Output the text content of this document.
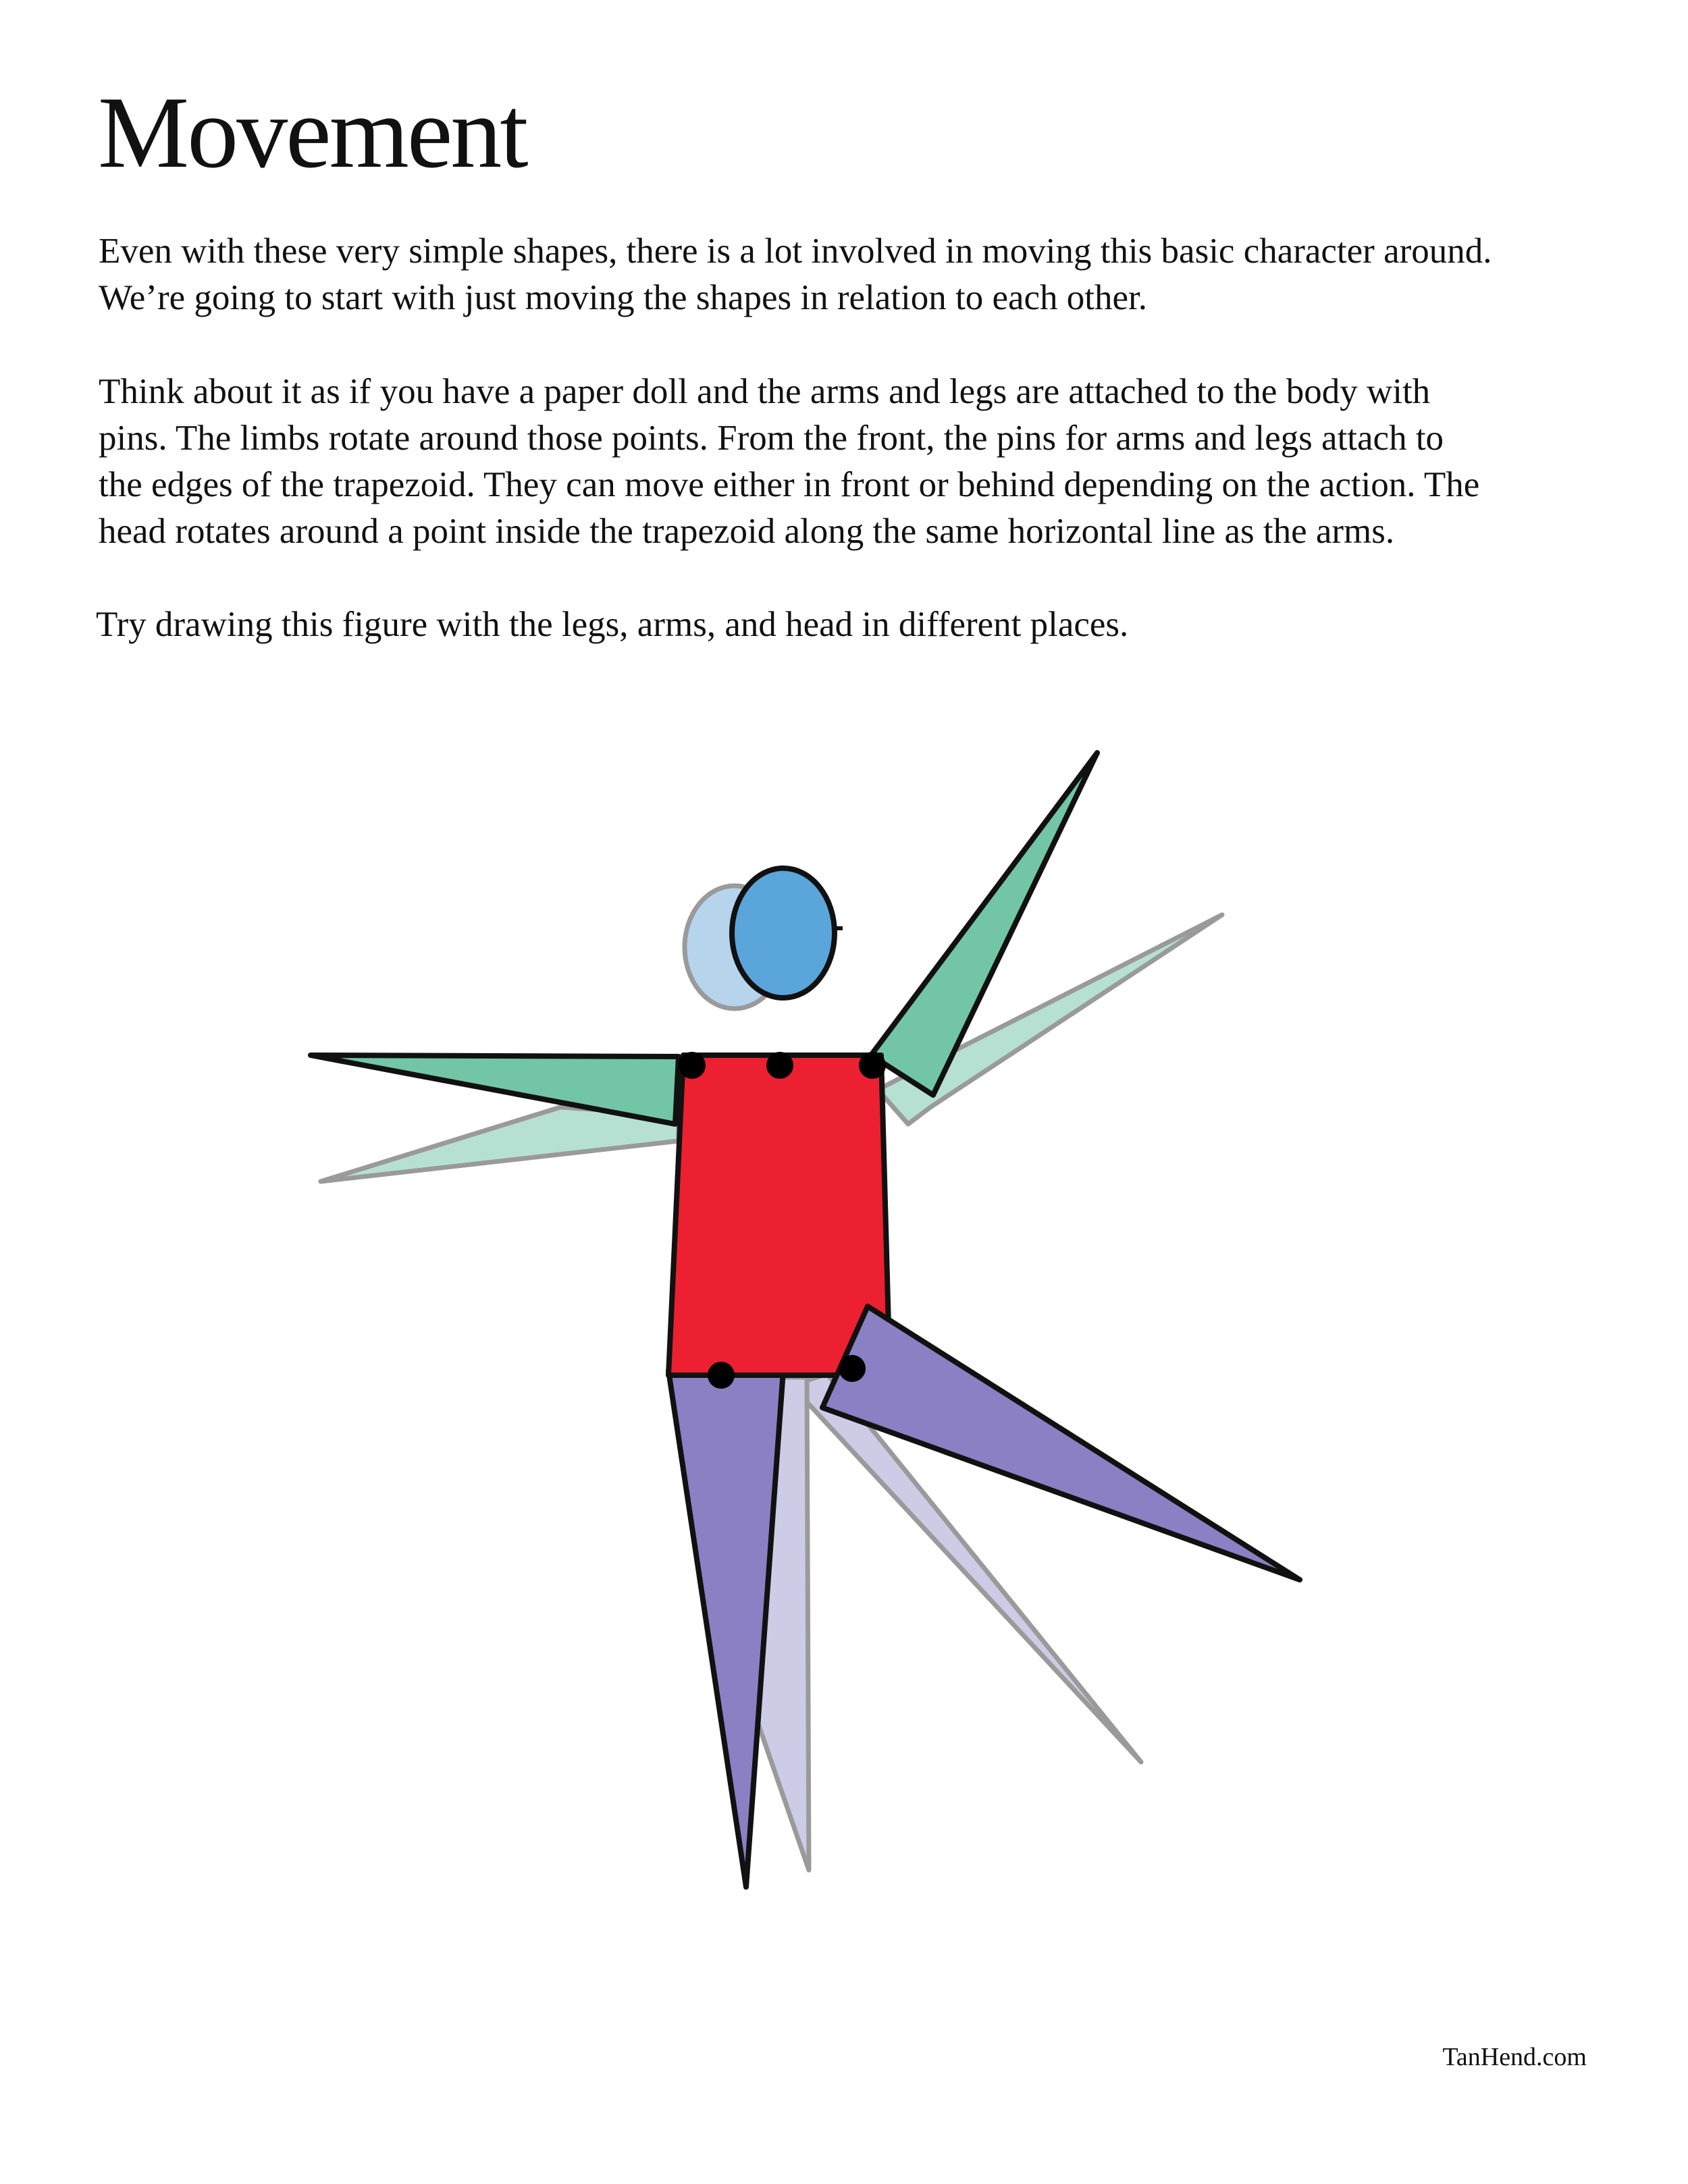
Movement

Even with these very simple shapes, there is a lot involved in moving this basic character around.
We’re going to start with just moving the shapes in relation to each other.

Think about it as if you have a paper doll and the arms and legs are attached to the body with
pins. The limbs rotate around those points. From the front, the pins for arms and legs attach to
the edges of the trapezoid. They can move either in front or behind depending on the action. The
head rotates around a point inside the trapezoid along the same horizontal line as the arms.

Try drawing this figure with the legs, arms, and head in different places.

TanHend.com
